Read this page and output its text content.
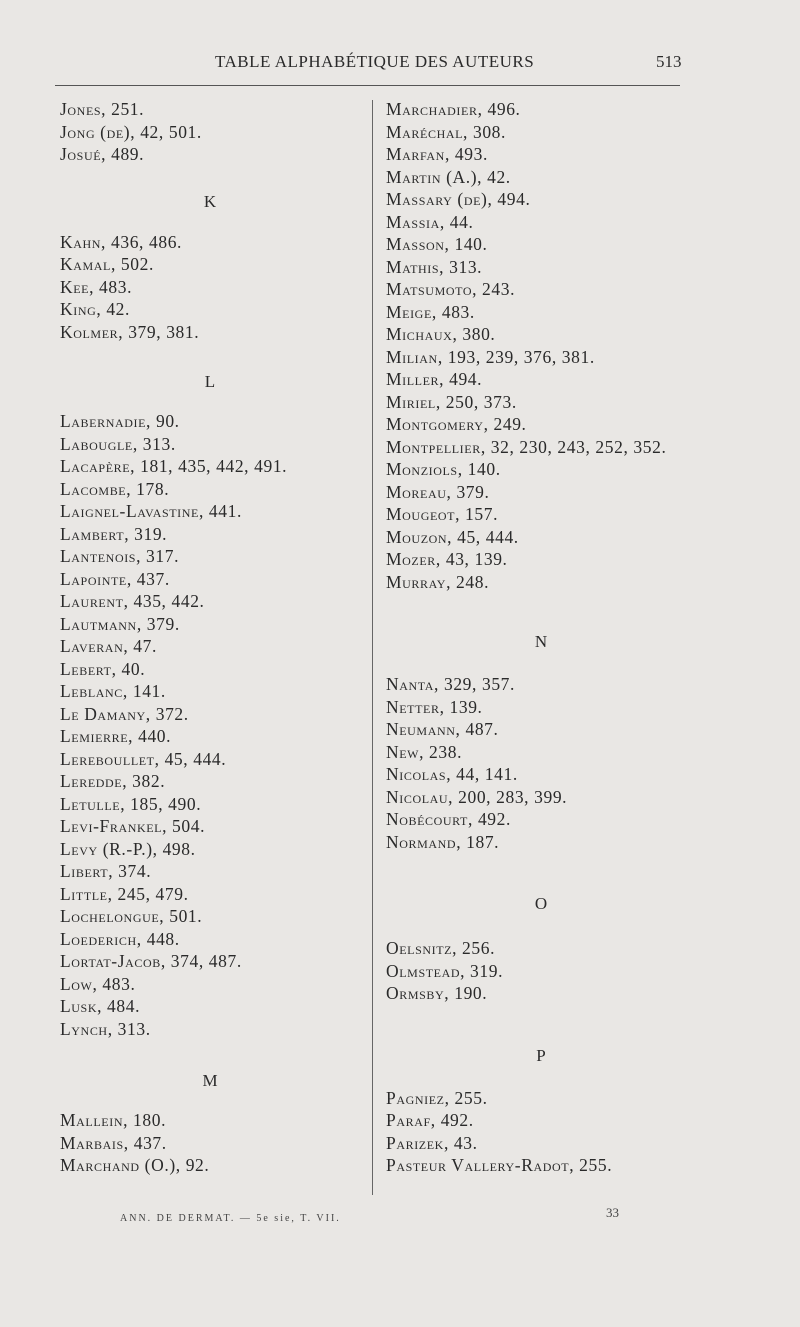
TABLE ALPHABÉTIQUE DES AUTEURS	513
Jones, 251.
Jong (de), 42, 501.
Josué, 489.
K
Kahn, 436, 486.
Kamal, 502.
Kee, 483.
King, 42.
Kolmer, 379, 381.
L
Labernadie, 90.
Labougle, 313.
Lacapère, 181, 435, 442, 491.
Lacombe, 178.
Laignel-Lavastine, 441.
Lambert, 319.
Lantenois, 317.
Lapointe, 437.
Laurent, 435, 442.
Lautmann, 379.
Laveran, 47.
Lebert, 40.
Leblanc, 141.
Le Damany, 372.
Lemierre, 440.
Lereboullet, 45, 444.
Leredde, 382.
Letulle, 185, 490.
Levi-Frankel, 504.
Levy (R.-P.), 498.
Libert, 374.
Little, 245, 479.
Lochelongue, 501.
Loederich, 448.
Lortat-Jacob, 374, 487.
Low, 483.
Lusk, 484.
Lynch, 313.
M
Mallein, 180.
Marbais, 437.
Marchand (O.), 92.
Marchadier, 496.
Maréchal, 308.
Marfan, 493.
Martin (A.), 42.
Massary (de), 494.
Massia, 44.
Masson, 140.
Mathis, 313.
Matsumoto, 243.
Meige, 483.
Michaux, 380.
Milian, 193, 239, 376, 381.
Miller, 494.
Miriel, 250, 373.
Montgomery, 249.
Montpellier, 32, 230, 243, 252, 352.
Monziols, 140.
Moreau, 379.
Mougeot, 157.
Mouzon, 45, 444.
Mozer, 43, 139.
Murray, 248.
N
Nanta, 329, 357.
Netter, 139.
Neumann, 487.
New, 238.
Nicolas, 44, 141.
Nicolau, 200, 283, 399.
Nobécourt, 492.
Normand, 187.
O
Oelsnitz, 256.
Olmstead, 319.
Ormsby, 190.
P
Pagniez, 255.
Paraf, 492.
Parizek, 43.
Pasteur Vallery-Radot, 255.
ANN. DE DERMAT. — 5e sie, T. VII.	33
